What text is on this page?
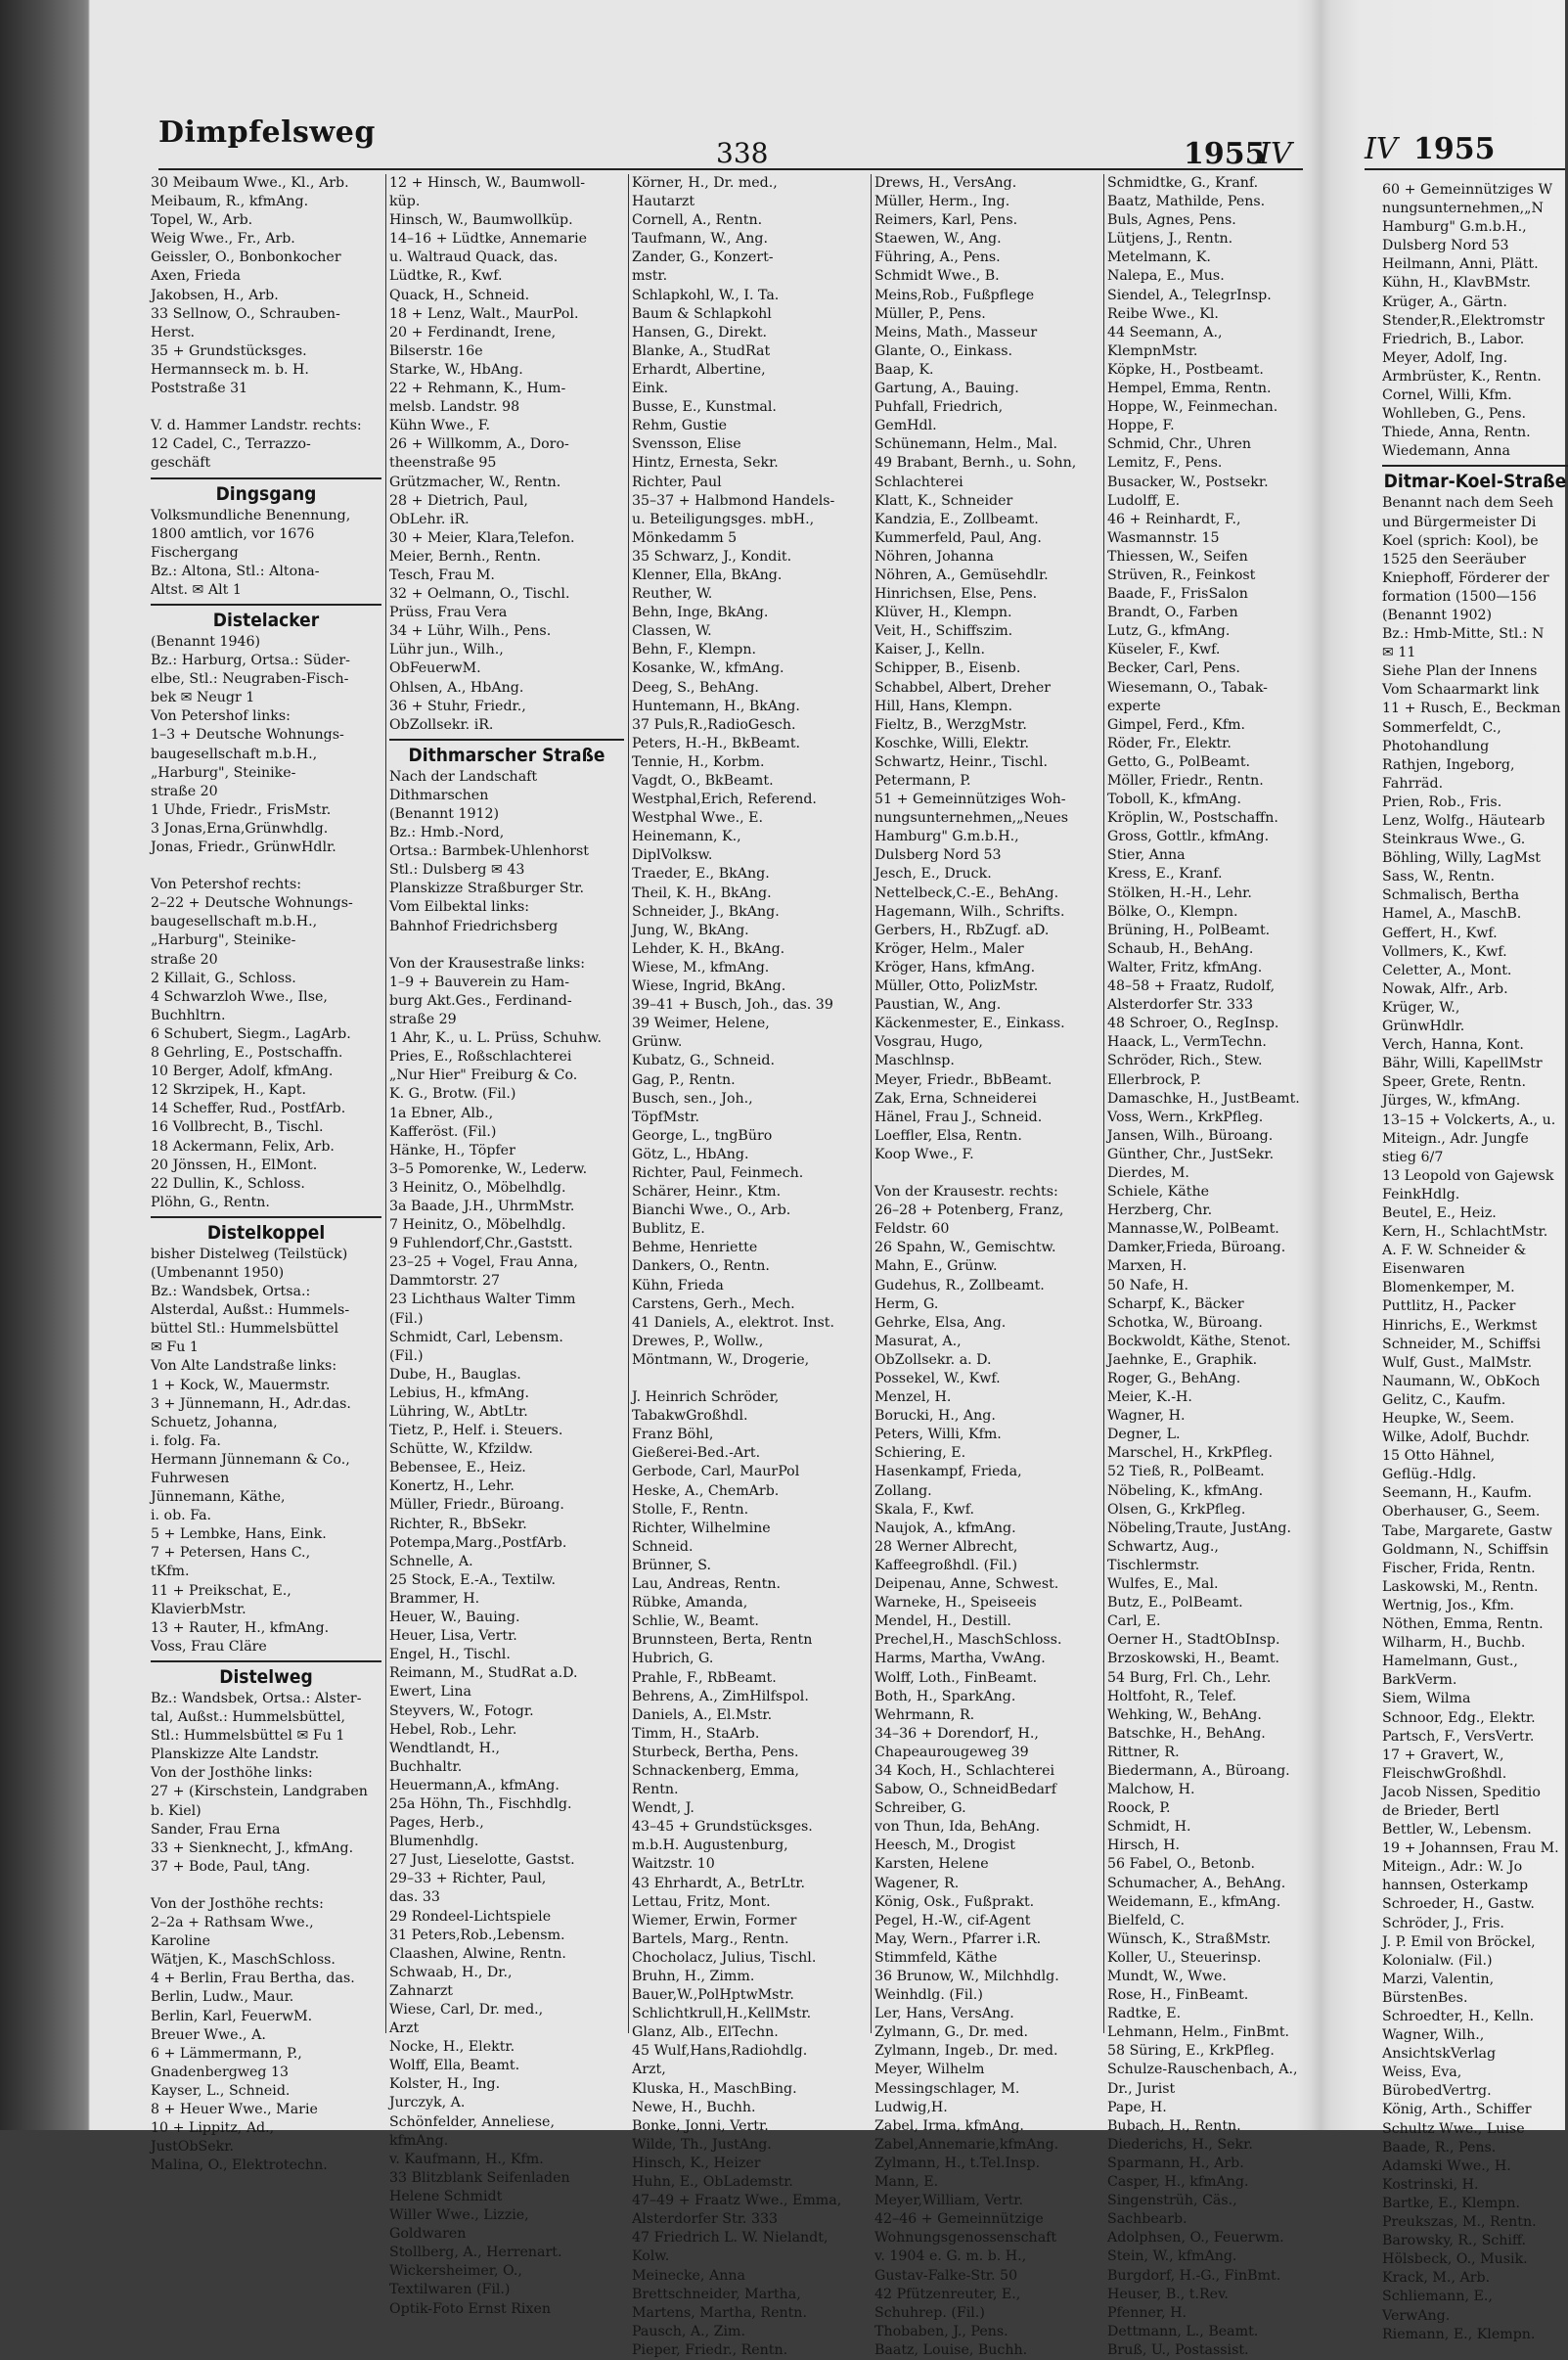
Dimpfelsweg
338	1955
IV
30 Meibaum Wwe., Kl., Arb.
Meibaum, R., kfmAng.
Topel, W., Arb.
Weig Wwe., Fr., Arb.
Geissler, O., Bonbonkocher
Axen, Frieda
Jakobsen, H., Arb.
33 Sellnow, O., Schrauben-
Herst.
35 + Grundstücksges.
Hermannseck m. b. H.
Poststraße 31

V. d. Hammer Landstr. rechts:
12 Cadel, C., Terrazzo-
geschäft
Dingsgang
Volksmundliche Benennung,
1800 amtlich, vor 1676
Fischergang
Bz.: Altona, Stl.: Altona-
Altst. ✉ Alt 1
Distelacker
(Benannt 1946)
Bz.: Harburg, Ortsa.: Süder-
elbe, Stl.: Neugraben-Fisch-
bek ✉ Neugr 1
Von Petershof links:
1–3 + Deutsche Wohnungs-
baugesellschaft m.b.H.,
„Harburg", Steinike-
straße 20
1 Uhde, Friedr., FrisMstr.
3 Jonas,Erna,Grünwhdlg.
Jonas, Friedr., GrünwHdlr.

Von Petershof rechts:
2–22 + Deutsche Wohnungs-
baugesellschaft m.b.H.,
„Harburg", Steinike-
straße 20
2 Killait, G., Schloss.
4 Schwarzloh Wwe., Ilse,
Buchhltrn.
6 Schubert, Siegm., LagArb.
8 Gehrling, E., Postschaffn.
10 Berger, Adolf, kfmAng.
12 Skrzipek, H., Kapt.
14 Scheffer, Rud., PostfArb.
16 Vollbrecht, B., Tischl.
18 Ackermann, Felix, Arb.
20 Jönssen, H., ElMont.
22 Dullin, K., Schloss.
Plöhn, G., Rentn.
Distelkoppel
bisher Distelweg (Teilstück)
(Umbenannt 1950)
Bz.: Wandsbek, Ortsa.:
Alsterdal, Außst.: Hummels-
büttel Stl.: Hummelsbüttel
✉ Fu 1
Von Alte Landstraße links:
1 + Kock, W., Mauermstr.
3 + Jünnemann, H., Adr.das.
Schuetz, Johanna,
i. folg. Fa.
Hermann Jünnemann & Co.,
Fuhrwesen
Jünnemann, Käthe,
i. ob. Fa.
5 + Lembke, Hans, Eink.
7 + Petersen, Hans C.,
tKfm.
11 + Preikschat, E.,
KlavierbMstr.
13 + Rauter, H., kfmAng.
Voss, Frau Cläre
Distelweg
Bz.: Wandsbek, Ortsa.: Alster-
tal, Außst.: Hummelsbüttel,
Stl.: Hummelsbüttel ✉ Fu 1
Planskizze Alte Landstr.
Von der Josthöhe links:
27 + (Kirschstein, Landgraben
b. Kiel)
Sander, Frau Erna
33 + Sienknecht, J., kfmAng.
37 + Bode, Paul, tAng.

Von der Josthöhe rechts:
2–2a + Rathsam Wwe.,
Karoline
Wätjen, K., MaschSchloss.
4 + Berlin, Frau Bertha, das.
Berlin, Ludw., Maur.
Berlin, Karl, FeuerwM.
Breuer Wwe., A.
6 + Lämmermann, P.,
Gnadenbergweg 13
Kayser, L., Schneid.
8 + Heuer Wwe., Marie
10 + Lippitz, Ad.,
JustObSekr.
Malina, O., Elektrotechn.
12 + Hinsch, W., Baumwoll-
küp.
Hinsch, W., Baumwollküp.
14–16 + Lüdtke, Annemarie
u. Waltraud Quack, das.
Lüdtke, R., Kwf.
Quack, H., Schneid.
18 + Lenz, Walt., MaurPol.
20 + Ferdinandt, Irene,
Bilserstr. 16e
Starke, W., HbAng.
22 + Rehmann, K., Hum-
melsb. Landstr. 98
Kühn Wwe., F.
26 + Willkomm, A., Doro-
theenstraße 95
Grützmacher, W., Rentn.
28 + Dietrich, Paul,
ObLehr. iR.
30 + Meier, Klara,Telefon.
Meier, Bernh., Rentn.
Tesch, Frau M.
32 + Oelmann, O., Tischl.
Prüss, Frau Vera
34 + Lühr, Wilh., Pens.
Lühr jun., Wilh.,
ObFeuerwM.
Ohlsen, A., HbAng.
36 + Stuhr, Friedr.,
ObZollsekr. iR.
Dithmarscher Straße
Nach der Landschaft
Dithmarschen
(Benannt 1912)
Bz.: Hmb.-Nord,
Ortsa.: Barmbek-Uhlenhorst
Stl.: Dulsberg ✉ 43
Planskizze Straßburger Str.
Vom Eilbektal links:
Bahnhof Friedrichsberg

Von der Krausestraße links:
1–9 + Bauverein zu Ham-
burg Akt.Ges., Ferdinand-
straße 29
1 Ahr, K., u. L. Prüss, Schuhw.
Pries, E., Roßschlachterei
„Nur Hier" Freiburg & Co.
K. G., Brotw. (Fil.)
1a Ebner, Alb.,
Kafferöst. (Fil.)
Hänke, H., Töpfer
3–5 Pomorenke, W., Lederw.
3 Heinitz, O., Möbelhdlg.
3a Baade, J.H., UhrmMstr.
7 Heinitz, O., Möbelhdlg.
9 Fuhlendorf,Chr.,Gaststt.
23–25 + Vogel, Frau Anna,
Dammtorstr. 27
23 Lichthaus Walter Timm
(Fil.)
Schmidt, Carl, Lebensm.
(Fil.)
Dube, H., Bauglas.
Lebius, H., kfmAng.
Lühring, W., AbtLtr.
Tietz, P., Helf. i. Steuers.
Schütte, W., Kfzildw.
Bebensee, E., Heiz.
Konertz, H., Lehr.
Müller, Friedr., Büroang.
Richter, R., BbSekr.
Potempa,Marg.,PostfArb.
Schnelle, A.
25 Stock, E.-A., Textilw.
Brammer, H.
Heuer, W., Bauing.
Heuer, Lisa, Vertr.
Engel, H., Tischl.
Reimann, M., StudRat a.D.
Ewert, Lina
Steyvers, W., Fotogr.
Hebel, Rob., Lehr.
Wendtlandt, H.,
Buchhaltr.
Heuermann,A., kfmAng.
25a Höhn, Th., Fischhdlg.
Pages, Herb.,
Blumenhdlg.
27 Just, Lieselotte, Gastst.
29–33 + Richter, Paul,
das. 33
29 Rondeel-Lichtspiele
31 Peters,Rob.,Lebensm.
Claashen, Alwine, Rentn.
Schwaab, H., Dr.,
Zahnarzt
Wiese, Carl, Dr. med.,
Arzt
Nocke, H., Elektr.
Wolff, Ella, Beamt.
Kolster, H., Ing.
Jurczyk, A.
Schönfelder, Anneliese,
kfmAng.
v. Kaufmann, H., Kfm.
33 Blitzblank Seifenladen
Helene Schmidt
Willer Wwe., Lizzie,
Goldwaren
Stollberg, A., Herrenart.
Wickersheimer, O.,
Textilwaren (Fil.)
Optik-Foto Ernst Rixen
Körner, H., Dr. med.,
Hautarzt
Cornell, A., Rentn.
Taufmann, W., Ang.
Zander, G., Konzert-
mstr.
Schlapkohl, W., I. Ta.
Baum & Schlapkohl
Hansen, G., Direkt.
Blanke, A., StudRat
Erhardt, Albertine,
Eink.
Busse, E., Kunstmal.
Rehm, Gustie
Svensson, Elise
Hintz, Ernesta, Sekr.
Richter, Paul
35–37 + Halbmond Handels-
u. Beteiligungsges. mbH.,
Mönkedamm 5
35 Schwarz, J., Kondit.
Klenner, Ella, BkAng.
Reuther, W.
Behn, Inge, BkAng.
Classen, W.
Behn, F., Klempn.
Kosanke, W., kfmAng.
Deeg, S., BehAng.
Huntemann, H., BkAng.
37 Puls,R.,RadioGesch.
Peters, H.-H., BkBeamt.
Tennie, H., Korbm.
Vagdt, O., BkBeamt.
Westphal,Erich, Referend.
Westphal Wwe., E.
Heinemann, K.,
DiplVolksw.
Traeder, E., BkAng.
Theil, K. H., BkAng.
Schneider, J., BkAng.
Jung, W., BkAng.
Lehder, K. H., BkAng.
Wiese, M., kfmAng.
Wiese, Ingrid, BkAng.
39–41 + Busch, Joh., das. 39
39 Weimer, Helene,
Grünw.
Kubatz, G., Schneid.
Gag, P., Rentn.
Busch, sen., Joh.,
TöpfMstr.
George, L., tngBüro
Götz, L., HbAng.
Richter, Paul, Feinmech.
Schärer, Heinr., Ktm.
Bianchi Wwe., O., Arb.
Bublitz, E.
Behme, Henriette
Dankers, O., Rentn.
Kühn, Frieda
Carstens, Gerh., Mech.
41 Daniels, A., elektrot. Inst.
Drewes, P., Wollw.,
Möntmann, W., Drogerie,

J. Heinrich Schröder,
TabakwGroßhdl.
Franz Böhl,
Gießerei-Bed.-Art.
Gerbode, Carl, MaurPol
Heske, A., ChemArb.
Stolle, F., Rentn.
Richter, Wilhelmine
Schneid.
Brünner, S.
Lau, Andreas, Rentn.
Rübke, Amanda,
Schlie, W., Beamt.
Brunnsteen, Berta, Rentn
Hubrich, G.
Prahle, F., RbBeamt.
Behrens, A., ZimHilfspol.
Daniels, A., El.Mstr.
Timm, H., StaArb.
Sturbeck, Bertha, Pens.
Schnackenberg, Emma,
Rentn.
Wendt, J.
43–45 + Grundstücksges.
m.b.H. Augustenburg,
Waitzstr. 10
43 Ehrhardt, A., BetrLtr.
Lettau, Fritz, Mont.
Wiemer, Erwin, Former
Bartels, Marg., Rentn.
Chocholacz, Julius, Tischl.
Bruhn, H., Zimm.
Bauer,W.,PolHptwMstr.
Schlichtkrull,H.,KellMstr.
Glanz, Alb., ElTechn.
45 Wulf,Hans,Radiohdlg.
Arzt,
Kluska, H., MaschBing.
Newe, H., Buchh.
Bonke, Jonni, Vertr.
Wilde, Th., JustAng.
Hinsch, K., Heizer
Huhn, E., ObLademstr.
47–49 + Fraatz Wwe., Emma,
Alsterdorfer Str. 333
47 Friedrich L. W. Nielandt,
Kolw.
Meinecke, Anna
Brettschneider, Martha,
Martens, Martha, Rentn.
Pausch, A., Zim.
Pieper, Friedr., Rentn.
Drews, H., VersAng.
Müller, Herm., Ing.
Reimers, Karl, Pens.
Staewen, W., Ang.
Führing, A., Pens.
Schmidt Wwe., B.
Meins,Rob., Fußpflege
Müller, P., Pens.
Meins, Math., Masseur
Glante, O., Einkass.
Baap, K.
Gartung, A., Bauing.
Puhfall, Friedrich,
GemHdl.
Schünemann, Helm., Mal.
49 Brabant, Bernh., u. Sohn,
Schlachterei
Klatt, K., Schneider
Kandzia, E., Zollbeamt.
Kummerfeld, Paul, Ang.
Nöhren, Johanna
Nöhren, A., Gemüsehdlr.
Hinrichsen, Else, Pens.
Klüver, H., Klempn.
Veit, H., Schiffszim.
Kaiser, J., Kelln.
Schipper, B., Eisenb.
Schabbel, Albert, Dreher
Hill, Hans, Klempn.
Fieltz, B., WerzgMstr.
Koschke, Willi, Elektr.
Schwartz, Heinr., Tischl.
Petermann, P.
51 + Gemeinnütziges Woh-
nungsunternehmen,„Neues
Hamburg" G.m.b.H.,
Dulsberg Nord 53
Jesch, E., Druck.
Nettelbeck,C.-E., BehAng.
Hagemann, Wilh., Schrifts.
Gerbers, H., RbZugf. aD.
Kröger, Helm., Maler
Kröger, Hans, kfmAng.
Müller, Otto, PolizMstr.
Paustian, W., Ang.
Käckenmester, E., Einkass.
Vosgrau, Hugo,
Maschlnsp.
Meyer, Friedr., BbBeamt.
Zak, Erna, Schneiderei
Hänel, Frau J., Schneid.
Loeffler, Elsa, Rentn.
Koop Wwe., F.

Von der Krausestr. rechts:
26–28 + Potenberg, Franz,
Feldstr. 60
26 Spahn, W., Gemischtw.
Mahn, E., Grünw.
Gudehus, R., Zollbeamt.
Herm, G.
Gehrke, Elsa, Ang.
Masurat, A.,
ObZollsekr. a. D.
Possekel, W., Kwf.
Menzel, H.
Borucki, H., Ang.
Peters, Willi, Kfm.
Schiering, E.
Hasenkampf, Frieda,
Zollang.
Skala, F., Kwf.
Naujok, A., kfmAng.
28 Werner Albrecht,
Kaffeegroßhdl. (Fil.)
Deipenau, Anne, Schwest.
Warneke, H., Speiseeis
Mendel, H., Destill.
Prechel,H., MaschSchloss.
Harms, Martha, VwAng.
Wolff, Loth., FinBeamt.
Both, H., SparkAng.
Wehrmann, R.
34–36 + Dorendorf, H.,
Chapeaurougeweg 39
34 Koch, H., Schlachterei
Sabow, O., SchneidBedarf
Schreiber, G.
von Thun, Ida, BehAng.
Heesch, M., Drogist
Karsten, Helene
Wagener, R.
König, Osk., Fußprakt.
Pegel, H.-W., cif-Agent
May, Wern., Pfarrer i.R.
Stimmfeld, Käthe
36 Brunow, W., Milchhdlg.
Weinhdlg. (Fil.)
Ler, Hans, VersAng.
Zylmann, G., Dr. med.
Zylmann, Ingeb., Dr. med.
Meyer, Wilhelm
Messingschlager, M.
Ludwig,H.
Zabel, Irma, kfmAng.
Zabel,Annemarie,kfmAng.
Zylmann, H., t.Tel.Insp.
Mann, E.
Meyer,William, Vertr.
42–46 + Gemeinnützige
Wohnungsgenossenschaft
v. 1904 e. G. m. b. H.,
Gustav-Falke-Str. 50
42 Pfützenreuter, E.,
Schuhrep. (Fil.)
Thobaben, J., Pens.
Baatz, Louise, Buchh.
Schmidtke, G., Kranf.
Baatz, Mathilde, Pens.
Buls, Agnes, Pens.
Lütjens, J., Rentn.
Metelmann, K.
Nalepa, E., Mus.
Siendel, A., TelegrInsp.
Reibe Wwe., Kl.
44 Seemann, A.,
KlempnMstr.
Köpke, H., Postbeamt.
Hempel, Emma, Rentn.
Hoppe, W., Feinmechan.
Hoppe, F.
Schmid, Chr., Uhren
Lemitz, F., Pens.
Busacker, W., Postsekr.
Ludolff, E.
46 + Reinhardt, F.,
Wasmannstr. 15
Thiessen, W., Seifen
Strüven, R., Feinkost
Baade, F., FrisSalon
Brandt, O., Farben
Lutz, G., kfmAng.
Küseler, F., Kwf.
Becker, Carl, Pens.
Wiesemann, O., Tabak-
experte
Gimpel, Ferd., Kfm.
Röder, Fr., Elektr.
Getto, G., PolBeamt.
Möller, Friedr., Rentn.
Toboll, K., kfmAng.
Kröplin, W., Postschaffn.
Gross, Gottlr., kfmAng.
Stier, Anna
Kress, E., Kranf.
Stölken, H.-H., Lehr.
Bölke, O., Klempn.
Brüning, H., PolBeamt.
Schaub, H., BehAng.
Walter, Fritz, kfmAng.
48–58 + Fraatz, Rudolf,
Alsterdorfer Str. 333
48 Schroer, O., RegInsp.
Haack, L., VermTechn.
Schröder, Rich., Stew.
Ellerbrock, P.
Damaschke, H., JustBeamt.
Voss, Wern., KrkPfleg.
Jansen, Wilh., Büroang.
Günther, Chr., JustSekr.
Dierdes, M.
Schiele, Käthe
Herzberg, Chr.
Mannasse,W., PolBeamt.
Damker,Frieda, Büroang.
Marxen, H.
50 Nafe, H.
Scharpf, K., Bäcker
Schotka, W., Büroang.
Bockwoldt, Käthe, Stenot.
Jaehnke, E., Graphik.
Roger, G., BehAng.
Meier, K.-H.
Wagner, H.
Degner, L.
Marschel, H., KrkPfleg.
52 Tieß, R., PolBeamt.
Nöbeling, K., kfmAng.
Olsen, G., KrkPfleg.
Nöbeling,Traute, JustAng.
Schwartz, Aug.,
Tischlermstr.
Wulfes, E., Mal.
Butz, E., PolBeamt.
Carl, E.
Oerner H., StadtObInsp.
Brzoskowski, H., Beamt.
54 Burg, Frl. Ch., Lehr.
Holtfoht, R., Telef.
Wehking, W., BehAng.
Batschke, H., BehAng.
Rittner, R.
Biedermann, A., Büroang.
Malchow, H.
Roock, P.
Schmidt, H.
Hirsch, H.
56 Fabel, O., Betonb.
Schumacher, A., BehAng.
Weidemann, E., kfmAng.
Bielfeld, C.
Wünsch, K., StraßMstr.
Koller, U., Steuerinsp.
Mundt, W., Wwe.
Rose, H., FinBeamt.
Radtke, E.
Lehmann, Helm., FinBmt.
58 Süring, E., KrkPfleg.
Schulze-Rauschenbach, A.,
Dr., Jurist
Pape, H.
Bubach, H., Rentn.
Diederichs, H., Sekr.
Sparmann, H., Arb.
Casper, H., kfmAng.
Singenstrüh, Cäs.,
Sachbearb.
Adolphsen, O., Feuerwm.
Stein, W., kfmAng.
Burgdorf, H.-G., FinBmt.
Heuser, B., t.Rev.
Pfenner, H.
Dettmann, L., Beamt.
Bruß, U., Postassist.
IV 1955
60 + Gemeinnütziges W
nungsunternehmen,„N
Hamburg" G.m.b.H.,
Dulsberg Nord 53
Heilmann, Anni, Plätt.
Kühn, H., KlavBMstr.
Krüger, A., Gärtn.
Stender,R.,Elektromstr
Friedrich, B., Labor.
Meyer, Adolf, Ing.
Armbrüster, K., Rentn.
Cornel, Willi, Kfm.
Wohlleben, G., Pens.
Thiede, Anna, Rentn.
Wiedemann, Anna
Ditmar-Koel-Straße
Benannt nach dem Seeh
und Bürgermeister Di
Koel (sprich: Kool), be
1525 den Seeräuber
Kniephoff, Förderer der
formation (1500—156
(Benannt 1902)
Bz.: Hmb-Mitte, Stl.: N
✉ 11
Siehe Plan der Innens
Vom Schaarmarkt link
11 + Rusch, E., Beckman
Sommerfeldt, C.,
Photohandlung
Rathjen, Ingeborg,
Fahrräd.
Prien, Rob., Fris.
Lenz, Wolfg., Häutearb
Steinkraus Wwe., G.
Böhling, Willy, LagMst
Sass, W., Rentn.
Schmalisch, Bertha
Hamel, A., MaschB.
Geffert, H., Kwf.
Vollmers, K., Kwf.
Celetter, A., Mont.
Nowak, Alfr., Arb.
Krüger, W.,
GrünwHdlr.
Verch, Hanna, Kont.
Bähr, Willi, KapellMstr
Speer, Grete, Rentn.
Jürges, W., kfmAng.
13–15 + Volckerts, A., u.
Miteign., Adr. Jungfe
stieg 6/7
13 Leopold von Gajewsk
FeinkHdlg.
Beutel, E., Heiz.
Kern, H., SchlachtMstr.
A. F. W. Schneider &
Eisenwaren
Blomenkemper, M.
Puttlitz, H., Packer
Hinrichs, E., Werkmst
Schneider, M., Schiffsi
Wulf, Gust., MalMstr.
Naumann, W., ObKoch
Gelitz, C., Kaufm.
Heupke, W., Seem.
Wilke, Adolf, Buchdr.
15 Otto Hähnel,
Geflüg.-Hdlg.
Seemann, H., Kaufm.
Oberhauser, G., Seem.
Tabe, Margarete, Gastw
Goldmann, N., Schiffsin
Fischer, Frida, Rentn.
Laskowski, M., Rentn.
Wertnig, Jos., Kfm.
Nöthen, Emma, Rentn.
Wilharm, H., Buchb.
Hamelmann, Gust.,
BarkVerm.
Siem, Wilma
Schnoor, Edg., Elektr.
Partsch, F., VersVertr.
17 + Gravert, W.,
FleischwGroßhdl.
Jacob Nissen, Speditio
de Brieder, Bertl
Bettler, W., Lebensm.
19 + Johannsen, Frau M.
Miteign., Adr.: W. Jo
hannsen, Osterkamp
Schroeder, H., Gastw.
Schröder, J., Fris.
J. P. Emil von Bröckel,
Kolonialw. (Fil.)
Marzi, Valentin,
BürstenBes.
Schroedter, H., Kelln.
Wagner, Wilh.,
AnsichtskVerlag
Weiss, Eva,
BürobedVertrg.
König, Arth., Schiffer
Schultz Wwe., Luise
Baade, R., Pens.
Adamski Wwe., H.
Kostrinski, H.
Bartke, E., Klempn.
Preukszas, M., Rentn.
Barowsky, R., Schiff.
Hölsbeck, O., Musik.
Krack, M., Arb.
Schliemann, E.,
VerwAng.
Riemann, E., Klempn.
